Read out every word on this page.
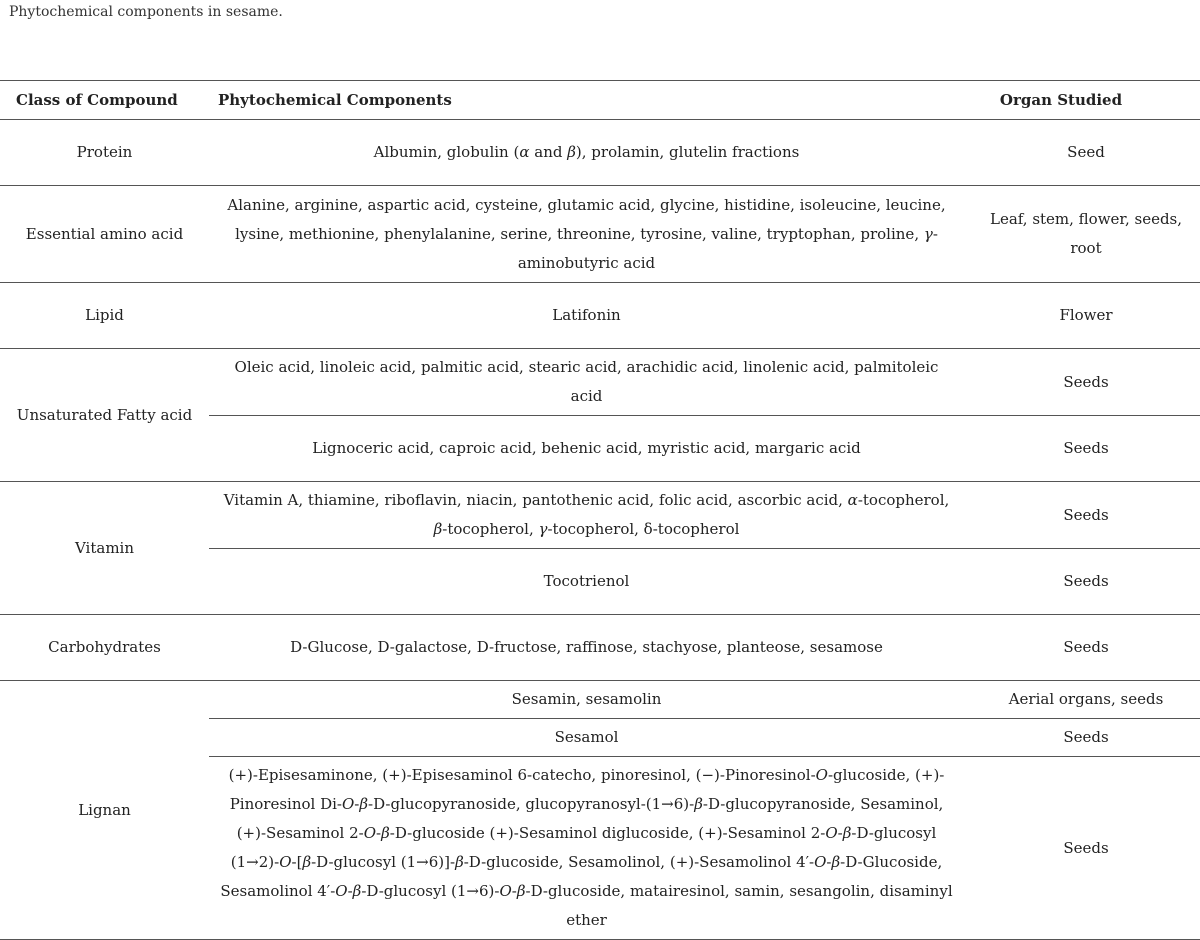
Phytochemical components in sesame.
Class of Compound	Phytochemical Components	Organ Studied
Protein	Albumin, globulin (α and β), prolamin, glutelin fractions	Seed
Essential amino acid	Alanine, arginine, aspartic acid, cysteine, glutamic acid, glycine, histidine, isoleucine, leucine, lysine, methionine, phenylalanine, serine, threonine, tyrosine, valine, tryptophan, proline, γ-aminobutyric acid	Leaf, stem, flower, seeds, root
Lipid	Latifonin	Flower
Unsaturated Fatty acid	Oleic acid, linoleic acid, palmitic acid, stearic acid, arachidic acid, linolenic acid, palmitoleic acid	Seeds
	Lignoceric acid, caproic acid, behenic acid, myristic acid, margaric acid	Seeds
Vitamin	Vitamin A, thiamine, riboflavin, niacin, pantothenic acid, folic acid, ascorbic acid, α-tocopherol, β-tocopherol, γ-tocopherol, δ-tocopherol	Seeds
	Tocotrienol	Seeds
Carbohydrates	D-Glucose, D-galactose, D-fructose, raffinose, stachyose, planteose, sesamose	Seeds
Lignan	Sesamin, sesamolin	Aerial organs, seeds
	Sesamol	Seeds
	(+)-Episesaminone, (+)-Episesaminol 6-catecho, pinoresinol, (−)-Pinoresinol-O-glucoside, (+)-Pinoresinol Di-O-β-D-glucopyranoside, glucopyranosyl-(1→6)-β-D-glucopyranoside, Sesaminol, (+)-Sesaminol 2-O-β-D-glucoside (+)-Sesaminol diglucoside, (+)-Sesaminol 2-O-β-D-glucosyl (1→2)-O-[β-D-glucosyl (1→6)]-β-D-glucoside, Sesamolinol, (+)-Sesamolinol 4′-O-β-D-Glucoside, Sesamolinol 4′-O-β-D-glucosyl (1→6)-O-β-D-glucoside, matairesinol, samin, sesangolin, disaminyl ether	Seeds
